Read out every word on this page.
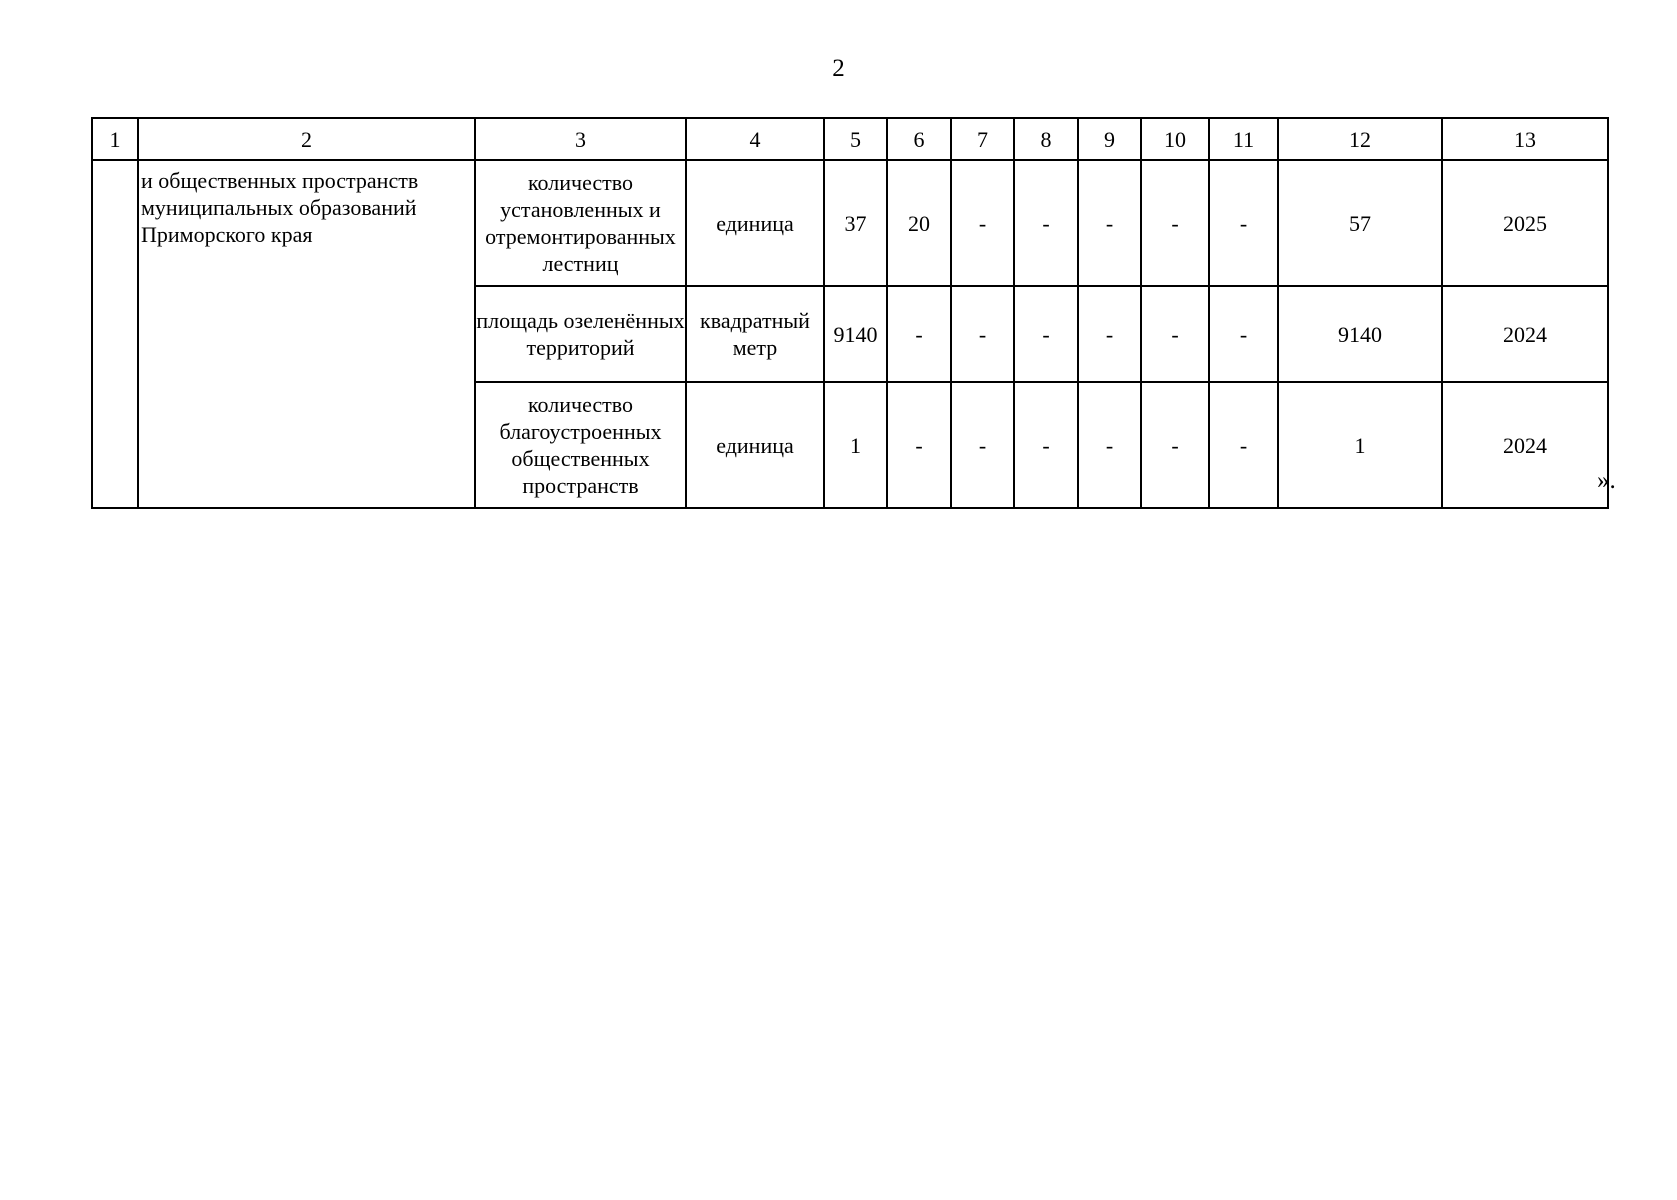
2
1	2	3	4	5	6	7	8	9	10	11	12	13
	и общественных пространств муниципальных образований Приморского края	количество установленных и отремонтированных лестниц	единица	37	20	-	-	-	-	-	57	2025
		площадь озеленённых территорий	квадратный метр	9140	-	-	-	-	-	-	9140	2024
		количество благоустроенных общественных пространств	единица	1	-	-	-	-	-	-	1	2024
».
